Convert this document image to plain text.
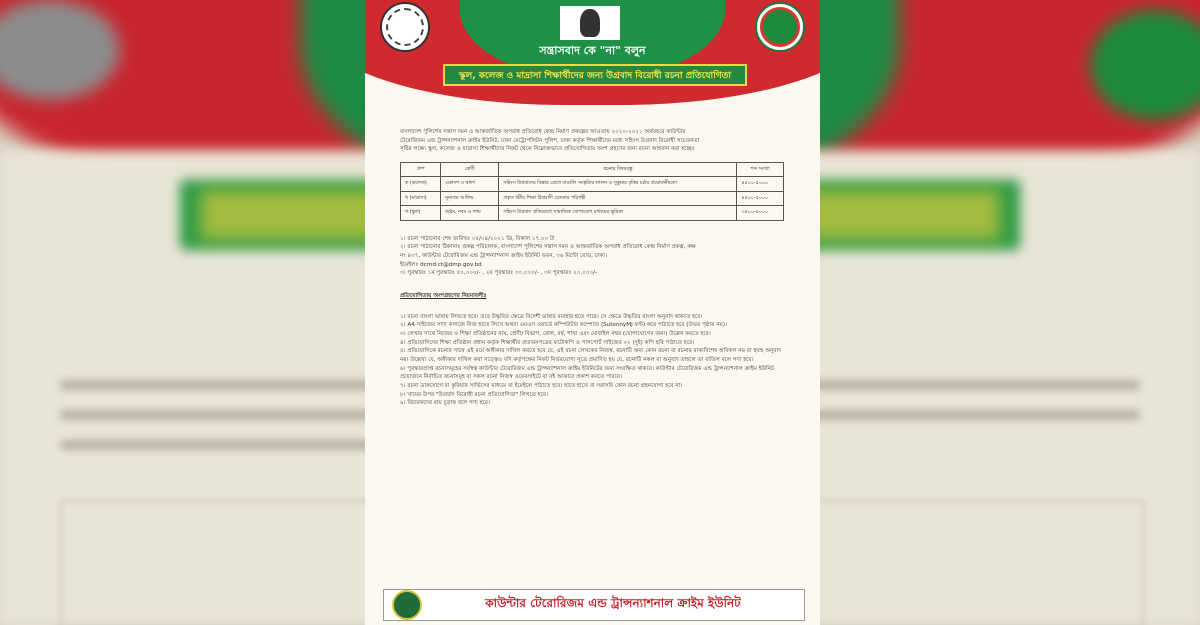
সন্ত্রাসবাদ কে "না" বলুন
স্কুল, কলেজ ও মাদ্রাসা শিক্ষার্থীদের জন্য উগ্রবাদ বিরোধী রচনা প্রতিযোগিতা

বাংলাদেশ পুলিশের সন্ত্রাস দমন ও আন্তর্জাতিক অপরাধ প্রতিরোধ কেন্দ্র নির্মাণ প্রকল্পের আওতায় ২০২০-২০২১ অর্থবছরে কাউন্টার

টেরোরিজম এন্ড ট্রান্সন্যাশনাল ক্রাইম ইউনিট, ঢাকা মেট্রোপলিটন পুলিশ, ঢাকা কর্তৃক শিক্ষার্থীদের মধ্যে সহিংস উগ্রবাদ বিরোধী সচেতনতা

সৃষ্টির লক্ষ্যে স্কুল, কলেজ ও মাদ্রাসা শিক্ষার্থীদের নিকট থেকে নিম্নোক্তভাবে প্রতিযোগিতায় অংশ গ্রহণের জন্য রচনা আহবান করা হচ্ছেঃ

গ্রুপ	শ্রেণী	রচনার বিষয়বস্তু	শব্দ সংখ্যা
ক (কলেজ)	একাদশ ও দ্বাদশ	সহিংস উগ্রবাদের বিস্তার রোধে বাঙালি সংস্কৃতির লালন ও সুকুমার বৃত্তির চর্চার প্রয়োজনীয়তা	৪৫০০-৫০০০
খ (মাদ্রাসা)	নূন্যতম আলিম	প্রকৃত ধর্মীয় শিক্ষা উগ্রবাদী চেতনার পরিপন্থী	৪৫০০-৫০০০
গ (স্কুল)	অষ্টম, নবম ও দশম	সহিংস উগ্রবাদ প্রতিরোধে সামাজিক যোগাযোগ মাধ্যমের ভূমিকা	৩৫০০-৪০০০

১। রচনা পাঠানোর শেষ তারিখঃ ০৫/০৪/২০২১ খ্রি, বিকাল ১৭.০০ টা

২। রচনা পাঠানোর ঠিকানাঃ প্রকল্প পরিচালক, বাংলাদেশ পুলিশের সন্ত্রাস দমন ও আন্তর্জাতিক অপরাধ প্রতিরোধ কেন্দ্র নির্মাণ প্রকল্প, কক্ষ

নং ৪০৭, কাউন্টার টেরোরিজম এন্ড ট্রান্সন্যাশনাল ক্রাইম ইউনিট ভবন, ৩৬ মিন্টো রোড, ঢাকা।

ইমেইলঃ dcrnd.ct@dmp.gov.bd

৩। পুরস্কারঃ ১ম পুরস্কারঃ ৫০,০০০/- , ২য় পুরস্কারঃ ৩০,০০০/- , ৩য় পুরস্কারঃ ২০,০০০/-

প্রতিযোগিতায় অংশগ্রহণের নিয়মাবলীঃ

১। রচনা বাংলা ভাষায় লিখতে হবে। তবে উদ্ধৃতির ক্ষেত্রে বিদেশী ভাষার ব্যবহার হতে পারে। সে ক্ষেত্রে উদ্ধৃতির বাংলা অনুবাদ থাকতে হবে।

২। A4 সাইজের সাদা কাগজে নিজ হাতে লিখে অথবা এমএস ওয়ার্ডে কম্পিউটার কম্পোজ (SutonnyMJ ফন্ট) করে পাঠাতে হবে (উভয় পৃষ্ঠায় নয়)।

৩। লেখার সাথে নিজের ও শিক্ষা প্রতিষ্ঠানের নাম, শ্রেণী/ বিভাগ, রোল, বর্ষ, শাখা এবং মোবাইল নম্বর (যোগাযোগের জন্য) উল্লেখ করতে হবে।

৪। প্রতিযোগিদের শিক্ষা প্রতিষ্ঠান প্রধান কর্তৃক শিক্ষার্থীর প্রত্যয়নপত্রের ফটোকপি ও পাসপোর্ট সাইজের ০২ (দুই) কপি ছবি পাঠাতে হবে।

৫। প্রতিযোগিকে রচনার সাথে এই মর্মে অঙ্গীকার দাখিল করতে হবে যে, এই রচনা লেখকের নিজস্ব, রচনাটি অন্য কোন রচনা বা রচনার বাক্যবিশেষ অবিকল নয় বা হুবহু অনুবাদ নয়। উল্লেখ্য যে, অঙ্গীকার দাখিল করা সত্ত্বেও যদি কর্তৃপক্ষের নিকট নির্ভরযোগ্য সূত্রে প্রমাণিত হয় যে, রচনাটি নকল বা অনুবাদ তাহলে তা বাতিল বলে গণ্য হবে।

৬। পুরস্কারপ্রাপ্ত রচনাসমূহের সর্বস্বত্ব কাউন্টার টেরোরিজম এন্ড ট্রান্সন্যাশনাল ক্রাইম ইউনিটের জন্য সংরক্ষিত থাকবে। কাউন্টার টেরোরিজম এন্ড ট্রান্সন্যাশনাল ক্রাইম ইউনিট প্রয়োজনে নির্বাচিত রচনাসমূহ বা সকল রচনা নিজস্ব ওয়েবসাইটে বা বই আকারে প্রকাশ করতে পারবে।

৭। রচনা ডাকযোগে বা কুরিয়ার সার্ভিসের মাধ্যমে বা ইমেইলে পাঠাতে হবে। হাতে হাতে বা সরাসরি কোন রচনা গ্রহনযোগ্য হবে না।

৮। খামের উপর "উগ্রবাদ বিরোধী রচনা প্রতিযোগিতা" লিখতে হবে।

৯। বিচারকদের রায় চূড়ান্ত বলে গণ্য হবে।

কাউন্টার টেরোরিজম এন্ড ট্রান্সন্যাশনাল ক্রাইম ইউনিট
